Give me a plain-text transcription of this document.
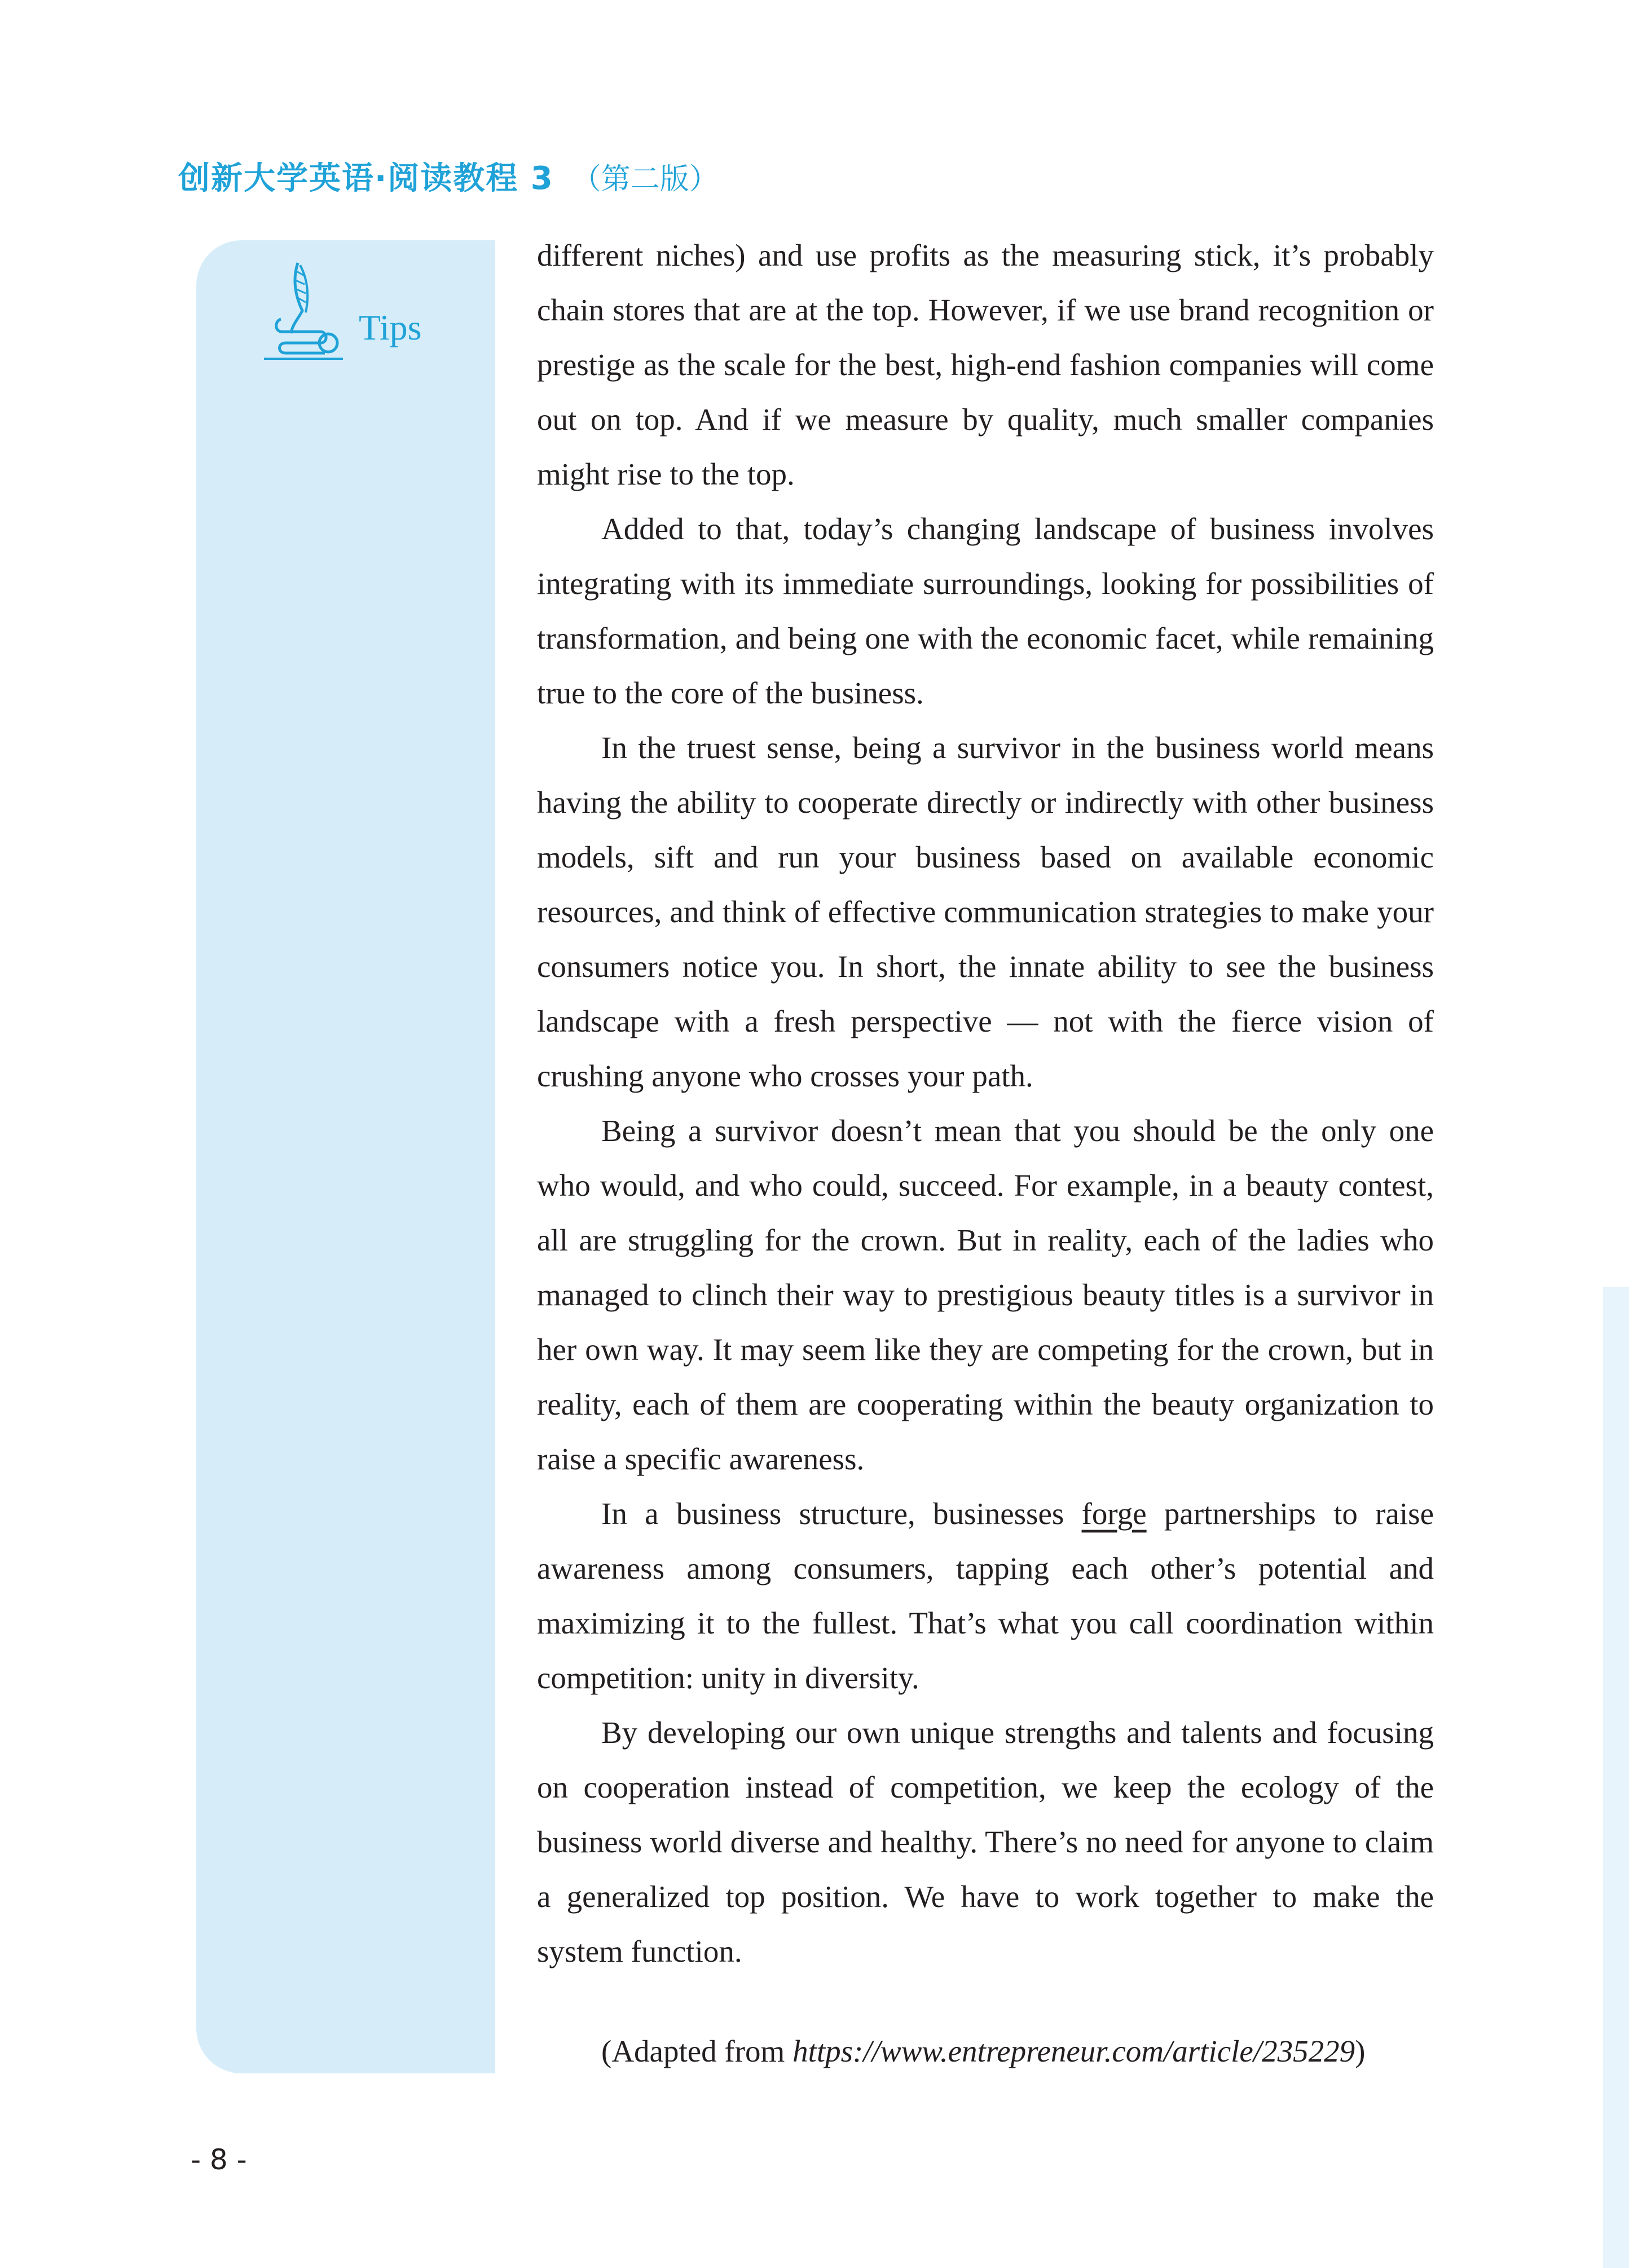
创新大学英语·阅读教程 3 （第二版）
Tips

different niches) and use profits as the measuring stick, it’s probably chain stores that are at the top. However, if we use brand recognition or prestige as the scale for the best, high-end fashion companies will come out on top. And if we measure by quality, much smaller companies might rise to the top.

Added to that, today’s changing landscape of business involves integrating with its immediate surroundings, looking for possibilities of transformation, and being one with the economic facet, while remaining true to the core of the business.

In the truest sense, being a survivor in the business world means having the ability to cooperate directly or indirectly with other business models, sift and run your business based on available economic resources, and think of effective communication strategies to make your consumers notice you. In short, the innate ability to see the business landscape with a fresh perspective — not with the fierce vision of crushing anyone who crosses your path.

Being a survivor doesn’t mean that you should be the only one who would, and who could, succeed. For example, in a beauty contest, all are struggling for the crown. But in reality, each of the ladies who managed to clinch their way to prestigious beauty titles is a survivor in her own way. It may seem like they are competing for the crown, but in reality, each of them are cooperating within the beauty organization to raise a specific awareness.

In a business structure, businesses forge partnerships to raise awareness among consumers, tapping each other’s potential and maximizing it to the fullest. That’s what you call coordination within competition: unity in diversity.

By developing our own unique strengths and talents and focusing on cooperation instead of competition, we keep the ecology of the business world diverse and healthy. There’s no need for anyone to claim a generalized top position. We have to work together to make the system function.

(Adapted from https://www.entrepreneur.com/article/235229)
- 8 -
